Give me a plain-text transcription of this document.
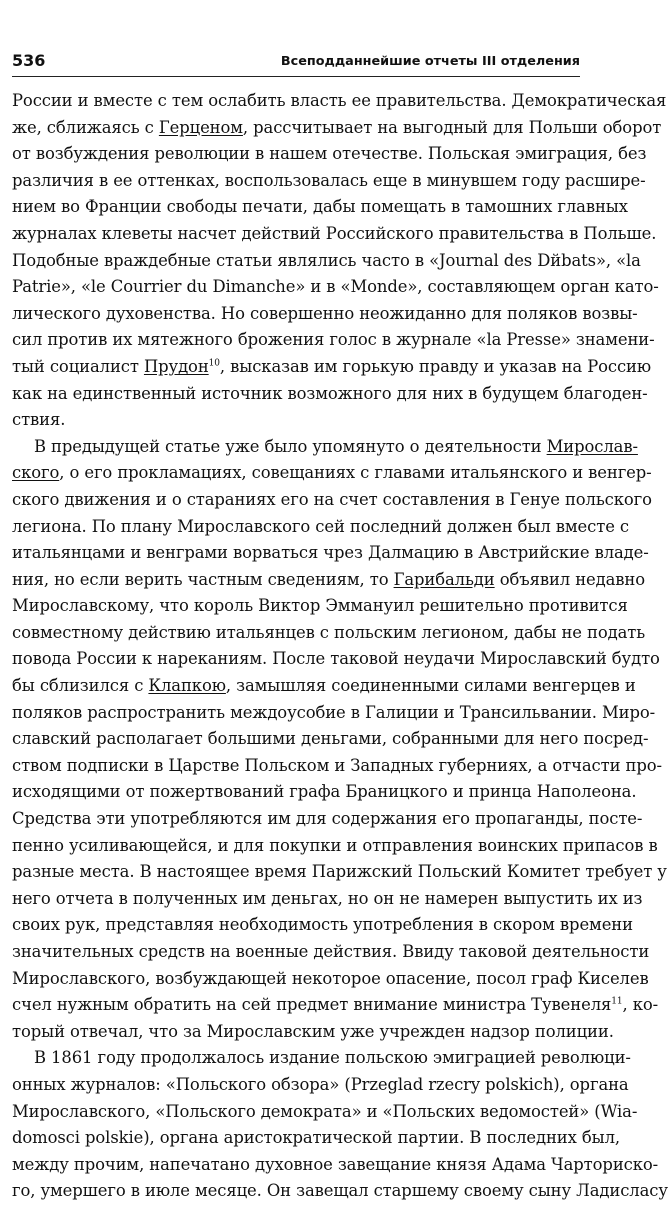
536	Всеподданнейшие отчеты III отделения
России и вместе с тем ослабить власть ее правительства. Демократическая
же, сближаясь с Герценом, рассчитывает на выгодный для Польши оборот
от возбуждения революции в нашем отечестве. Польская эмиграция, без
различия в ее оттенках, воспользовалась еще в минувшем году расшире-
нием во Франции свободы печати, дабы помещать в тамошних главных
журналах клеветы насчет действий Российского правительства в Польше.
Подобные враждебные статьи являлись часто в «Journal des Dйbats», «la
Patrie», «le Courrier du Dimanche» и в «Monde», составляющем орган като-
лического духовенства. Но совершенно неожиданно для поляков возвы-
сил против их мятежного брожения голос в журнале «la Presse» знамени-
тый социалист Прудон$^{10}$, высказав им горькую правду и указав на Россию
как на единственный источник возможного для них в будущем благоден-
ствия.
В предыдущей статье уже было упомянуто о деятельности Мирослав-
ского, о его прокламациях, совещаниях с главами итальянского и венгер-
ского движения и о стараниях его на счет составления в Генуе польского
легиона. По плану Мирославского сей последний должен был вместе с
итальянцами и венграми ворваться чрез Далмацию в Австрийские владе-
ния, но если верить частным сведениям, то Гарибальди объявил недавно
Мирославскому, что король Виктор Эммануил решительно противится
совместному действию итальянцев с польским легионом, дабы не подать
повода России к нареканиям. После таковой неудачи Мирославский будто
бы сблизился с Клапкою, замышляя соединенными силами венгерцев и
поляков распространить междоусобие в Галиции и Трансильвании. Миро-
славский располагает большими деньгами, собранными для него посред-
ством подписки в Царстве Польском и Западных губерниях, а отчасти про-
исходящими от пожертвований графа Браницкого и принца Наполеона.
Средства эти употребляются им для содержания его пропаганды, посте-
пенно усиливающейся, и для покупки и отправления воинских припасов в
разные места. В настоящее время Парижский Польский Комитет требует у
него отчета в полученных им деньгах, но он не намерен выпустить их из
своих рук, представляя необходимость употребления в скором времени
значительных средств на военные действия. Ввиду таковой деятельности
Мирославского, возбуждающей некоторое опасение, посол граф Киселев
счел нужным обратить на сей предмет внимание министра Тувенеля$^{11}$, ко-
торый отвечал, что за Мирославским уже учрежден надзор полиции.
В 1861 году продолжалось издание польскою эмиграцией революци-
онных журналов: «Польского обзора» (Przeglad rzecry polskich), органа
Мирославского, «Польского демократа» и «Польских ведомостей» (Wia-
domosci polskie), органа аристократической партии. В последних был,
между прочим, напечатано духовное завещание князя Адама Чарториско-
го, умершего в июле месяце. Он завещал старшему своему сыну Ладисласу
